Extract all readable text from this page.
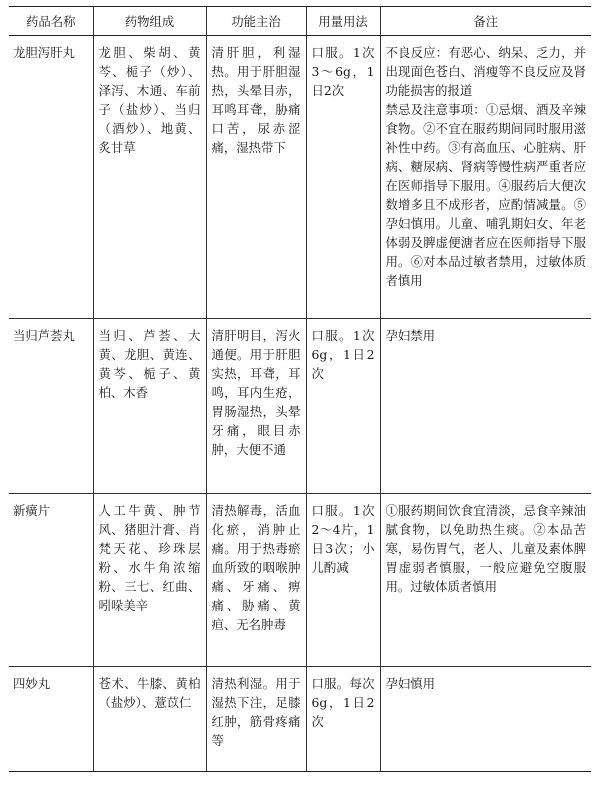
药品名称	药物组成	功能主治	用量用法	备注
龙胆泻肝丸	龙胆、柴胡、黄芩、栀子（炒）、泽泻、木通、车前子（盐炒）、当归（酒炒）、地黄、炙甘草	清肝胆，利湿热。用于肝胆湿热，头晕目赤，耳鸣耳聋，胁痛口苦，尿赤涩痛，湿热带下	口服。1次3～6g，1日2次	不良反应：有恶心、纳呆、乏力，并出现面色苍白、消瘦等不良反应及肾功能损害的报道
禁忌及注意事项：①忌烟、酒及辛辣食物。②不宜在服药期间同时服用滋补性中药。③有高血压、心脏病、肝病、糖尿病、肾病等慢性病严重者应在医师指导下服用。④服药后大便次数增多且不成形者，应酌情减量。⑤孕妇慎用。儿童、哺乳期妇女、年老体弱及脾虚便溏者应在医师指导下服用。⑥对本品过敏者禁用，过敏体质者慎用
当归芦荟丸	当归、芦荟、大黄、龙胆、黄连、黄芩、栀子、黄柏、木香	清肝明目，泻火通便。用于肝胆实热，耳聋，耳鸣，耳内生疮，胃肠湿热，头晕牙痛，眼目赤肿，大便不通	口服。1次6g，1日2次	孕妇禁用
新癀片	人工牛黄、肿节风、猪胆汁膏、肖梵天花、珍珠层粉、水牛角浓缩粉、三七、红曲、吲哚美辛	清热解毒，活血化瘀，消肿止痛。用于热毒瘀血所致的咽喉肿痛、牙痛、痹痛、胁痛、黄疸、无名肿毒	口服。1次2～4片，1日3次；小儿酌减	①服药期间饮食宜清淡，忌食辛辣油腻食物，以免助热生痰。②本品苦寒，易伤胃气，老人、儿童及素体脾胃虚弱者慎服，一般应避免空腹服用。过敏体质者慎用
四妙丸	苍术、牛膝、黄柏（盐炒）、薏苡仁	清热利湿。用于湿热下注，足膝红肿，筋骨疼痛等	口服。每次6g，1日2次	孕妇慎用
